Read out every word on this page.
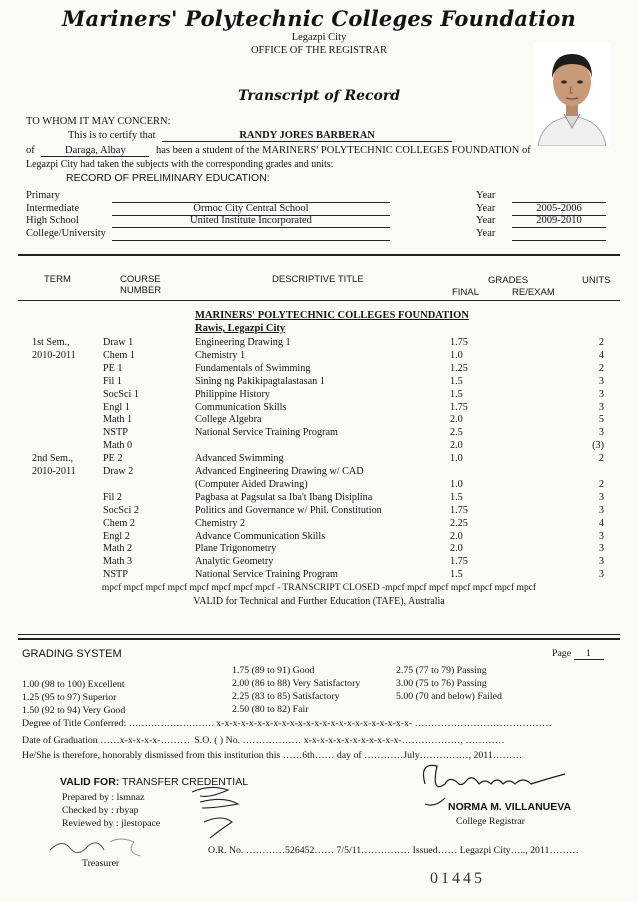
Mariners' Polytechnic Colleges Foundation
Legazpi City
OFFICE OF THE REGISTRAR
Transcript of Record
TO WHOM IT MAY CONCERN:
This is to certify that	RANDY JORES BARBERAN
of	Daraga, Albay	has been a student of the MARINERS' POLYTECHNIC COLLEGES FOUNDATION of
Legazpi City had taken the subjects with the corresponding grades and units:
RECORD OF PRELIMINARY EDUCATION:
Primary	Year
Intermediate	Ormoc City Central School	Year	2005-2006
High School	United Institute Incorporated	Year	2009-2010
College/University	Year
TERM	COURSE
NUMBER
DESCRIPTIVE TITLE	GRADES
FINAL	RE/EXAM
UNITS
MARINERS' POLYTECHNIC COLLEGES FOUNDATION
Rawis, Legazpi City
1st Sem.,	Draw 1	Engineering Drawing 1	1.75	2
2010-2011	Chem 1	Chemistry 1	1.0	4
PE 1	Fundamentals of Swimming	1.25	2
Fil 1	Sining ng Pakikipagtalastasan 1	1.5	3
SocSci 1	Philippine History	1.5	3
Engl 1	Communication Skills	1.75	3
Math 1	College Algebra	2.0	5
NSTP	National Service Training Program	2.5	3
Math 0	2.0	(3)
2nd Sem.,	PE 2	Advanced Swimming	1.0	2
2010-2011	Draw 2	Advanced Engineering Drawing w/ CAD
(Computer Aided Drawing)	1.0	2
Fil 2	Pagbasa at Pagsulat sa Iba't Ibang Disiplina	1.5	3
SocSci 2	Politics and Governance w/ Phil. Constitution	1.75	3
Chem 2	Chemistry 2	2.25	4
Engl 2	Advance Communication Skills	2.0	3
Math 2	Plane Trigonometry	2.0	3
Math 3	Analytic Geometry	1.75	3
NSTP	National Service Training Program	1.5	3
mpcf mpcf mpcf mpcf mpcf mpcf mpcf mpcf - TRANSCRIPT CLOSED -mpcf mpcf mpcf mpcf mpcf mpcf mpcf
VALID for Technical and Further Education (TAFE), Australia
GRADING SYSTEM	Page 1
1.00 (98 to 100) Excellent
1.25 (95 to 97) Superior
1.50 (92 to 94) Very Good
1.75 (89 to 91) Good
2.00 (86 to 88) Very Satisfactory
2.25 (83 to 85) Satisfactory
2.50 (80 to 82) Fair
2.75 (77 to 79) Passing
3.00 (75 to 76) Passing
5.00 (70 and below) Failed
Degree of Title Conferred: ……………………… x-x-x-x-x-x-x-x-x-x-x-x-x-x-x-x-x-x-x-x-x-x-x-x- ……………………………………
Date of Graduation ……x-x-x-x-x-……… S.O. ( ) No. ……………… x-x-x-x-x-x-x-x-x-x-x-x-………………, …………
He/She is therefore, honorably dismissed from this institution this ……6th…… day of …………July……………, 2011………
VALID FOR: TRANSFER CREDENTIAL
Prepared by : lsmnaz
Checked by : rbyap
Reviewed by : jlestopace
NORMA M. VILLANUEVA
College Registrar
Treasurer
O.R. No. …………526452…… 7/5/11…………… Issued…… Legazpi City….., 2011………
01445
